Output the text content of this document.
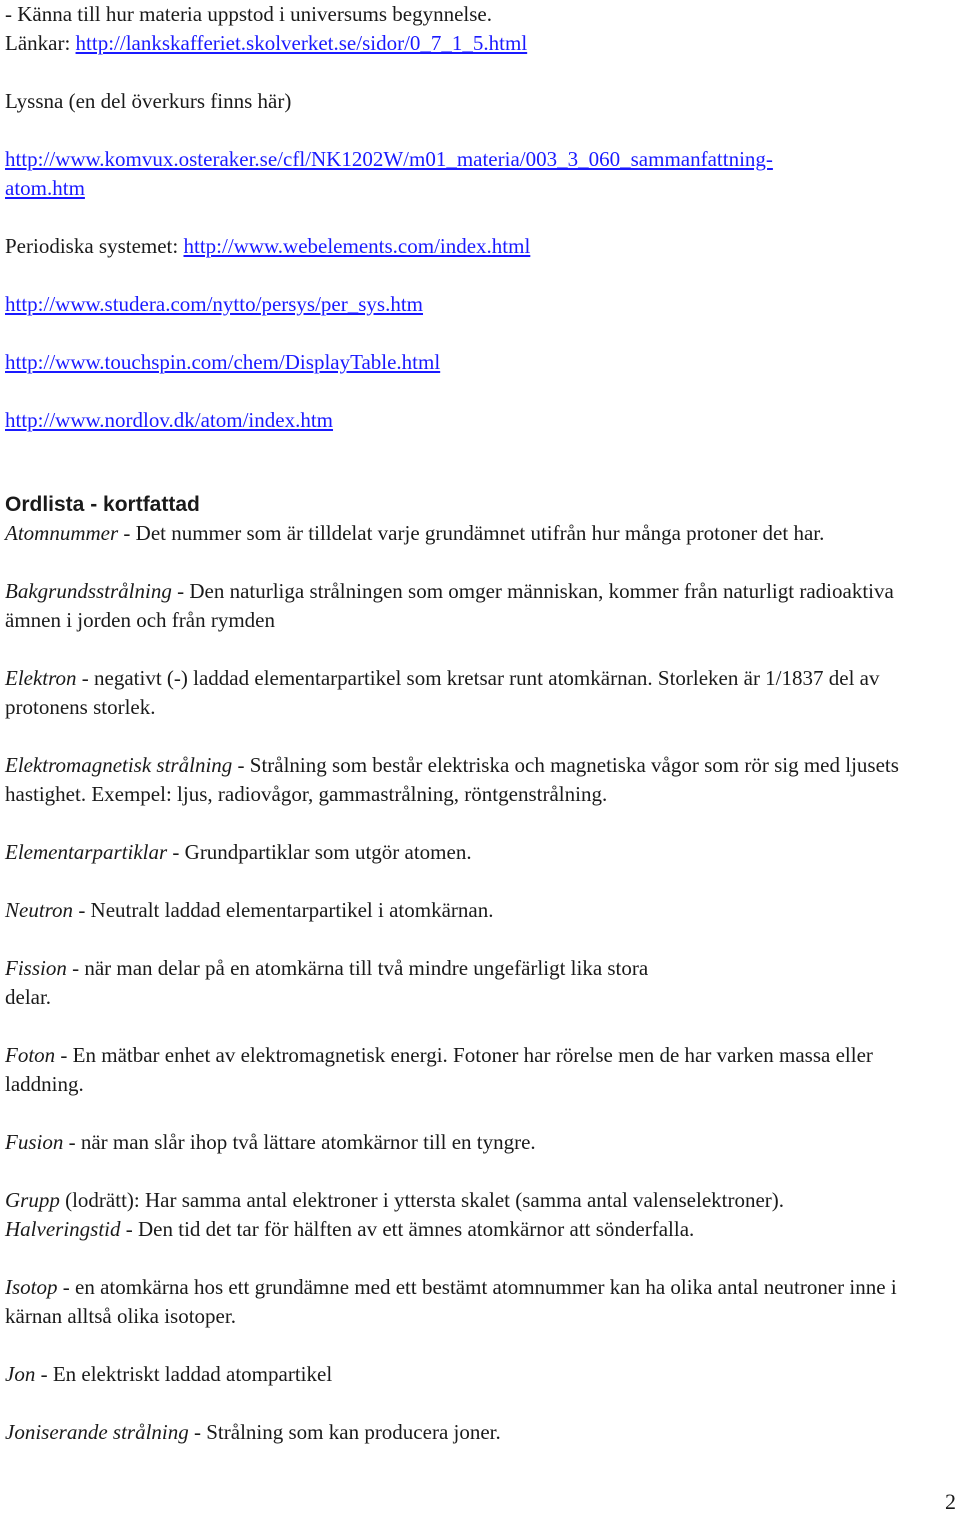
- Känna till hur materia uppstod i universums begynnelse.

Länkar: http://lankskafferiet.skolverket.se/sidor/0_7_1_5.html

Lyssna (en del överkurs finns här)

http://www.komvux.osteraker.se/cfl/NK1202W/m01_materia/003_3_060_sammanfattning-
atom.htm

Periodiska systemet: http://www.webelements.com/index.html

http://www.studera.com/nytto/persys/per_sys.htm

http://www.touchspin.com/chem/DisplayTable.html

http://www.nordlov.dk/atom/index.htm

Ordlista - kortfattad

Atomnummer - Det nummer som är tilldelat varje grundämnet utifrån hur många protoner det har.

Bakgrundsstrålning - Den naturliga strålningen som omger människan, kommer från naturligt radioaktiva ämnen i jorden och från rymden

Elektron - negativt (-) laddad elementarpartikel som kretsar runt atomkärnan. Storleken är 1/1837 del av protonens storlek.

Elektromagnetisk strålning - Strålning som består elektriska och magnetiska vågor som rör sig med ljusets hastighet. Exempel: ljus, radiovågor, gammastrålning, röntgenstrålning.

Elementarpartiklar - Grundpartiklar som utgör atomen.

Neutron - Neutralt laddad elementarpartikel i atomkärnan.

Fission - när man delar på en atomkärna till två mindre ungefärligt lika stora
delar.

Foton - En mätbar enhet av elektromagnetisk energi. Fotoner har rörelse men de har varken massa eller laddning.

Fusion - när man slår ihop två lättare atomkärnor till en tyngre.

Grupp (lodrätt): Har samma antal elektroner i yttersta skalet (samma antal valenselektroner).

Halveringstid - Den tid det tar för hälften av ett ämnes atomkärnor att sönderfalla.

Isotop - en atomkärna hos ett grundämne med ett bestämt atomnummer kan ha olika antal neutroner inne i kärnan alltså olika isotoper.

Jon - En elektriskt laddad atompartikel

Joniserande strålning - Strålning som kan producera joner.

2
